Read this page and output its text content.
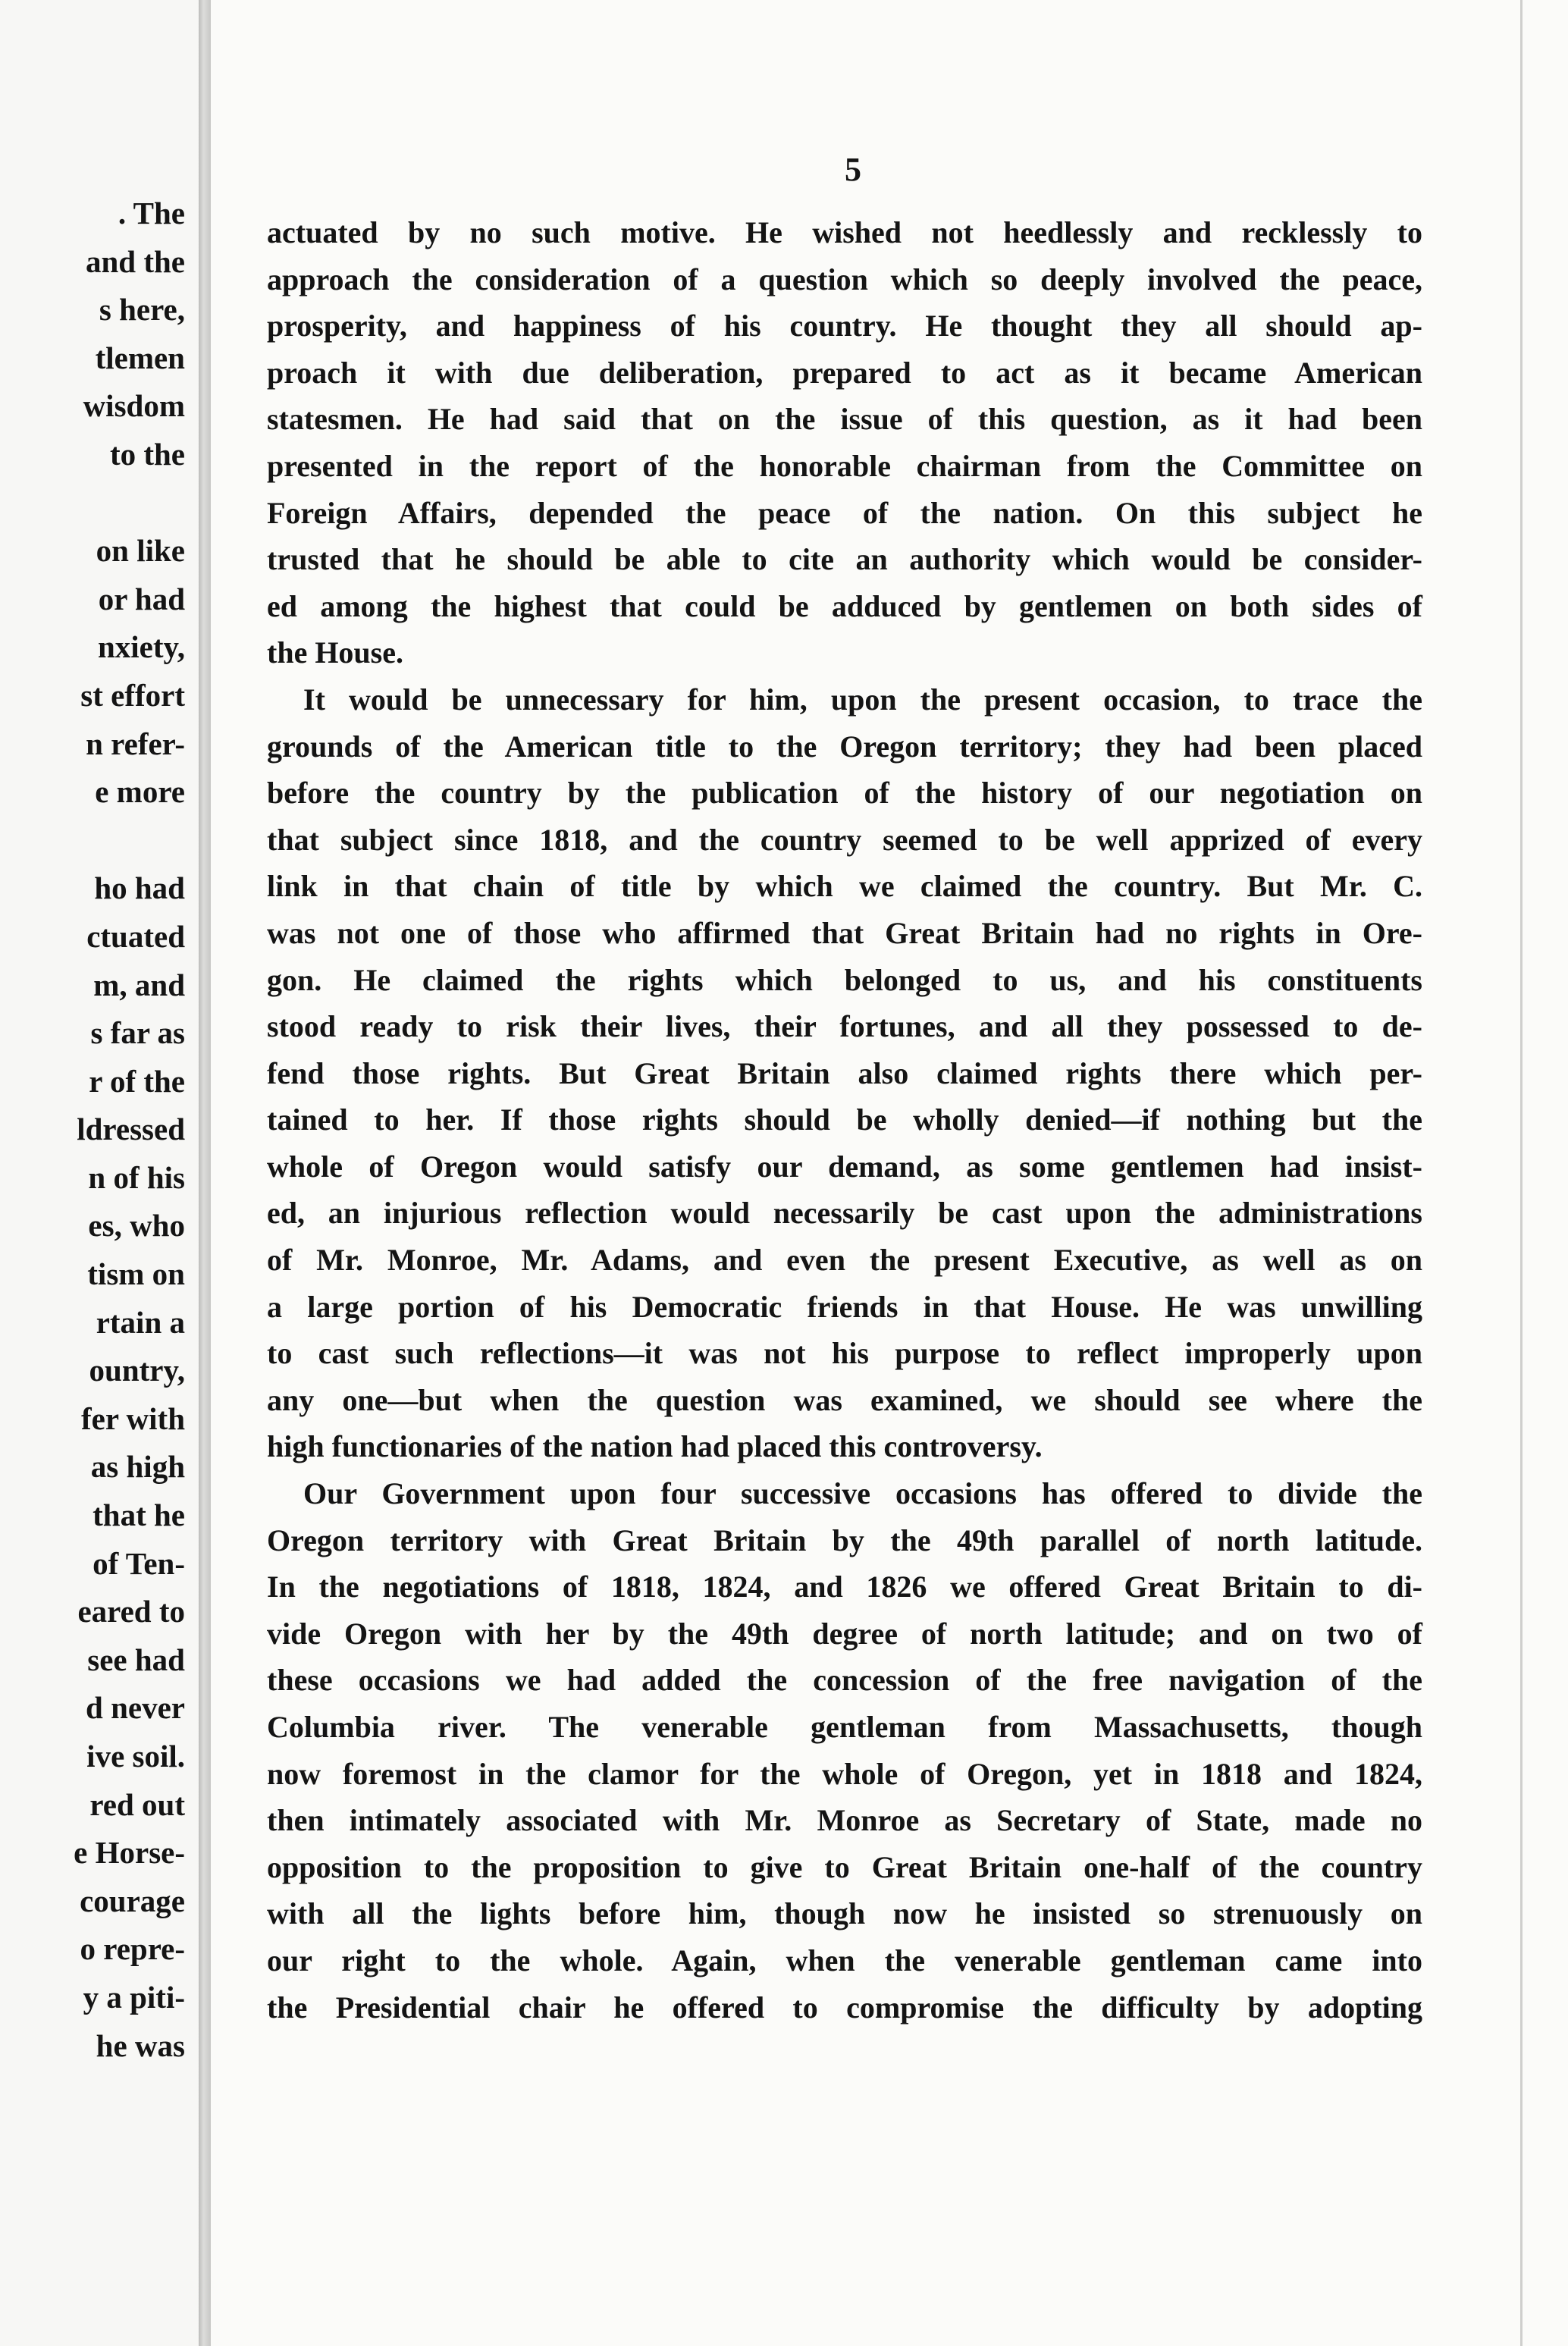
. The
and the
s here,
tlemen
wisdom
to the

on like
or had
nxiety,
st effort
n refer-
e more

ho had
ctuated
m, and
s far as
r of the
ldressed
n of his
es, who
tism on
rtain a
ountry,
fer with
as high
that he
of Ten-
eared to
see had
d never
ive soil.
red out
e Horse-
courage
o repre-
y a piti-
he was
5
actuated by no such motive. He wished not heedlessly and recklessly to
approach the consideration of a question which so deeply involved the peace,
prosperity, and happiness of his country. He thought they all should ap-
proach it with due deliberation, prepared to act as it became American
statesmen. He had said that on the issue of this question, as it had been
presented in the report of the honorable chairman from the Committee on
Foreign Affairs, depended the peace of the nation. On this subject he
trusted that he should be able to cite an authority which would be consider-
ed among the highest that could be adduced by gentlemen on both sides of
the House.
It would be unnecessary for him, upon the present occasion, to trace the
grounds of the American title to the Oregon territory; they had been placed
before the country by the publication of the history of our negotiation on
that subject since 1818, and the country seemed to be well apprized of every
link in that chain of title by which we claimed the country. But Mr. C.
was not one of those who affirmed that Great Britain had no rights in Ore-
gon. He claimed the rights which belonged to us, and his constituents
stood ready to risk their lives, their fortunes, and all they possessed to de-
fend those rights. But Great Britain also claimed rights there which per-
tained to her. If those rights should be wholly denied—if nothing but the
whole of Oregon would satisfy our demand, as some gentlemen had insist-
ed, an injurious reflection would necessarily be cast upon the administrations
of Mr. Monroe, Mr. Adams, and even the present Executive, as well as on
a large portion of his Democratic friends in that House. He was unwilling
to cast such reflections—it was not his purpose to reflect improperly upon
any one—but when the question was examined, we should see where the
high functionaries of the nation had placed this controversy.
Our Government upon four successive occasions has offered to divide the
Oregon territory with Great Britain by the 49th parallel of north latitude.
In the negotiations of 1818, 1824, and 1826 we offered Great Britain to di-
vide Oregon with her by the 49th degree of north latitude; and on two of
these occasions we had added the concession of the free navigation of the
Columbia river. The venerable gentleman from Massachusetts, though
now foremost in the clamor for the whole of Oregon, yet in 1818 and 1824,
then intimately associated with Mr. Monroe as Secretary of State, made no
opposition to the proposition to give to Great Britain one-half of the country
with all the lights before him, though now he insisted so strenuously on
our right to the whole. Again, when the venerable gentleman came into
the Presidential chair he offered to compromise the difficulty by adopting
